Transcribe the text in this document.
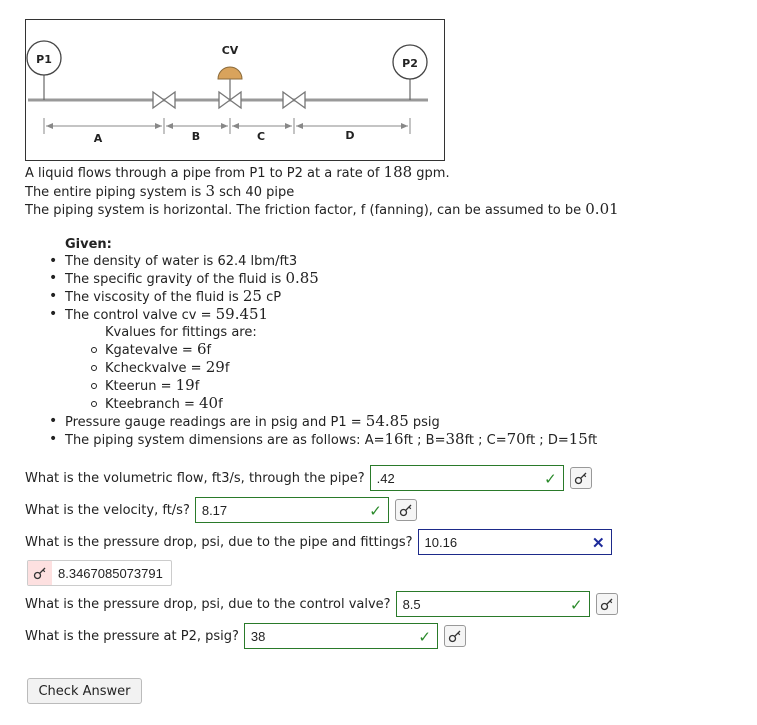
P1	P2
CV
A	B	C	D
A liquid flows through a pipe from P1 to P2 at a rate of 188 gpm.
The entire piping system is 3 sch 40 pipe
The piping system is horizontal. The friction factor, f (fanning), can be assumed to be 0.01
Given:
• The density of water is 62.4 lbm/ft3
• The specific gravity of the fluid is 0.85
• The viscosity of the fluid is 25 cP
• The control valve cv = 59.451
Kvalues for fittings are:
Kgatevalve = 6f
Kcheckvalve = 29f
Kteerun = 19f
Kteebranch = 40f
• Pressure gauge readings are in psig and P1 = 54.85 psig
• The piping system dimensions are as follows: A=16ft ; B=38ft ; C=70ft ; D=15ft
What is the volumetric flow, ft3/s, through the pipe? .42	✓
What is the velocity, ft/s? 8.17	✓
What is the pressure drop, psi, due to the pipe and fittings? 10.16	✕
8.3467085073791
What is the pressure drop, psi, due to the control valve? 8.5	✓
What is the pressure at P2, psig? 38	✓
Check Answer
